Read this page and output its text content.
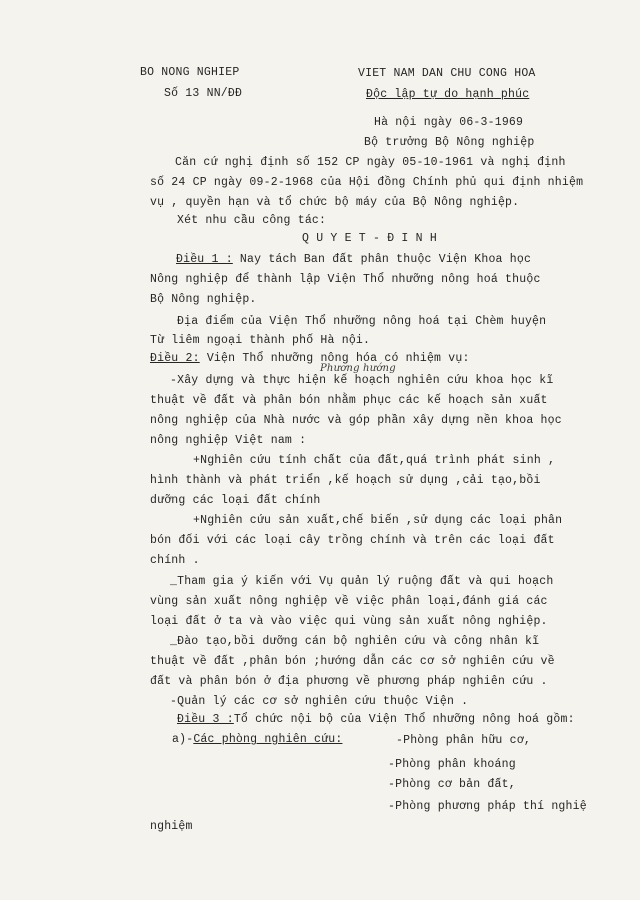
BO NONG NGHIEP
Số 13 NN/ĐĐ
VIET NAM DAN CHU CONG HOA
Độc lập tự do hạnh phúc
Hà nội ngày 06-3-1969
Bộ trưởng Bộ Nông nghiệp
Căn cứ nghị định số 152 CP ngày 05-10-1961 và nghị định
số 24 CP ngày 09-2-1968 của Hội đồng Chính phủ qui định nhiệm
vụ , quyền hạn và tổ chức bộ máy của Bộ Nông nghiệp.
Xét nhu cầu công tác:
Q U Y E T - Đ I N H
Điều 1 : Nay tách Ban đất phân thuộc Viện Khoa học
Nông nghiệp để thành lập Viện Thổ nhưỡng nông hoá thuộc
Bộ Nông nghiệp.
Địa điểm của Viện Thổ nhưỡng nông hoá tại Chèm huyện
Từ liêm ngoại thành phố Hà nội.
Điều 2: Viện Thổ nhưỡng nông hóa có nhiệm vụ:
Phương hướng
-Xây dựng và thực hiện kế hoạch nghiên cứu khoa học kĩ
thuật về đất và phân bón nhằm phục các kế hoạch sản xuất
nông nghiệp của Nhà nước và góp phần xây dựng nền khoa học
nông nghiệp Việt nam :
+Nghiên cứu tính chất của đất,quá trình phát sinh ,
hình thành và phát triển ,kế hoạch sử dụng ,cải tạo,bồi
dưỡng các loại đất chính
+Nghiên cứu sản xuất,chế biến ,sử dụng các loại phân
bón đối với các loại cây trồng chính và trên các loại đất
chính .
_Tham gia ý kiến với Vụ quản lý ruộng đất và qui hoạch
vùng sản xuất nông nghiệp về việc phân loại,đánh giá các
loại đất ở ta và vào việc qui vùng sản xuất nông nghiệp.
_Đào tạo,bồi dưỡng cán bộ nghiên cứu và công nhân kĩ
thuật về đất ,phân bón ;hướng dẫn các cơ sở nghiên cứu về
đất và phân bón ở địa phương về phương pháp nghiên cứu .
-Quản lý các cơ sở nghiên cứu thuộc Viện .
Điều 3 :Tổ chức nội bộ của Viện Thổ nhưỡng nông hoá gồm:
a)-Các phòng nghiên cứu:	-Phòng phân hữu cơ,
-Phòng phân khoáng
-Phòng cơ bản đất,
-Phòng phương pháp thí nghiệ
nghiệm
